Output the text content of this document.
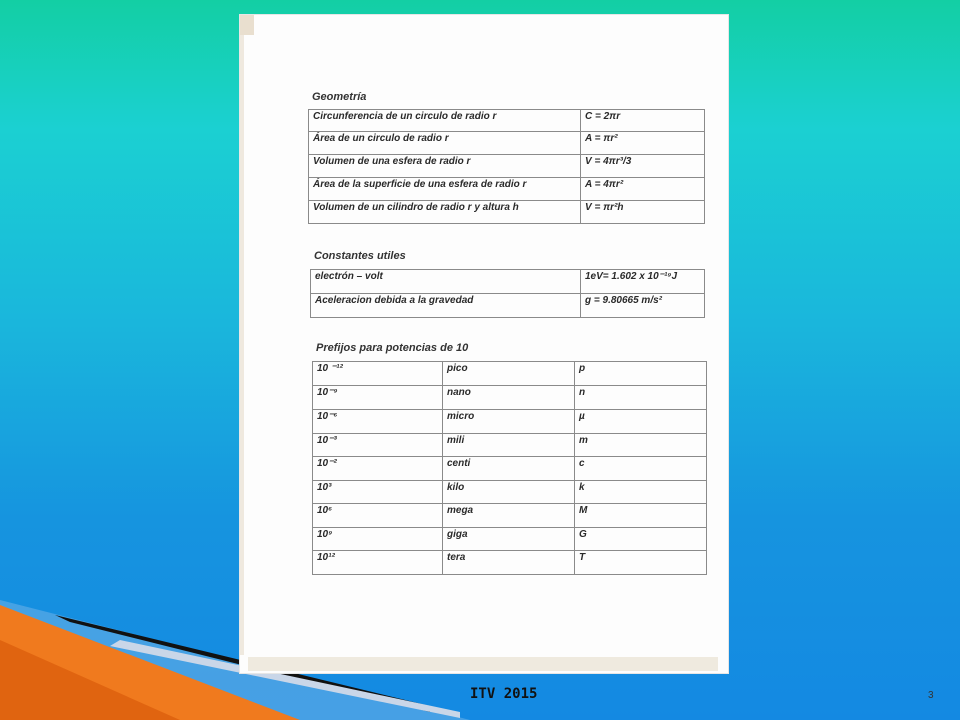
Geometría
Circunferencia de un circulo de radio r	C = 2πr
Área de un circulo de radio r	A = πr²
Volumen de una esfera de radio r	V = 4πr³/3
Área de la superficie de una esfera de radio r	A = 4πr²
Volumen de un cilindro de radio r y altura h	V = πr²h
Constantes utiles
electrón – volt	1eV= 1.602 x 10⁻¹⁹J
Aceleracion debida a la gravedad	g = 9.80665 m/s²
Prefijos para potencias de 10
10 ⁻¹²	pico	p
10⁻⁹	nano	n
10⁻⁶	micro	µ
10⁻³	mili	m
10⁻²	centi	c
10³	kilo	k
10⁶	mega	M
10⁹	giga	G
10¹²	tera	T
ITV 2015	3
